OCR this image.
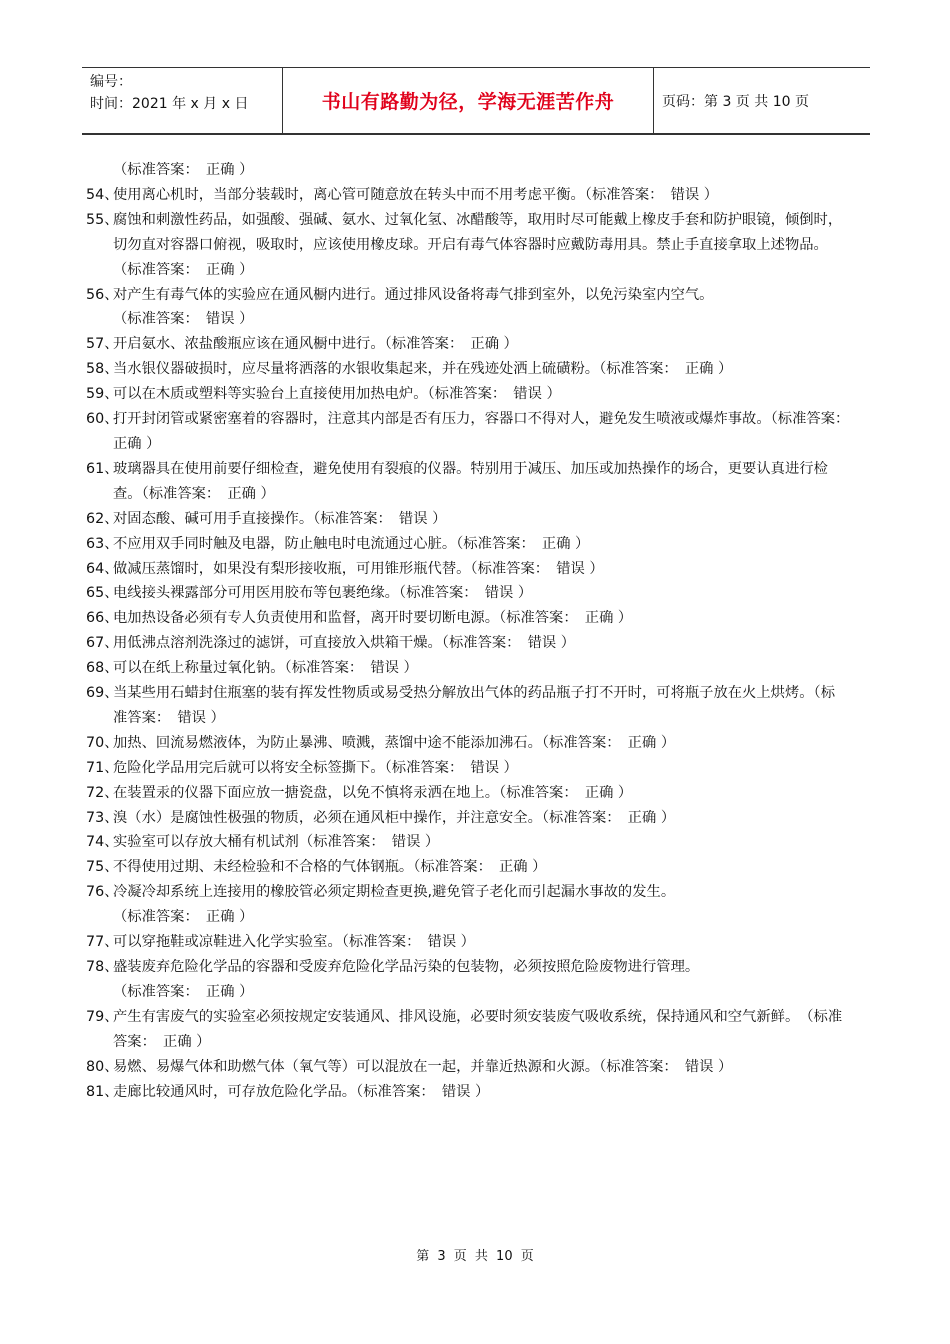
编号：
时间：2021 年 x 月 x 日	书山有路勤为径，学海无涯苦作舟	页码：第 3 页 共 10 页
（标准答案：　正确 ）
54、
使用离心机时，当部分装载时，离心管可随意放在转头中而不用考虑平衡。（标准答案：　错误 ）
55、
腐蚀和刺激性药品，如强酸、强碱、氨水、过氧化氢、冰醋酸等，取用时尽可能戴上橡皮手套和防护眼镜，倾倒时，切勿直对容器口俯视，吸取时，应该使用橡皮球。开启有毒气体容器时应戴防毒用具。禁止手直接拿取上述物品。
（标准答案：　正确 ）
56、
对产生有毒气体的实验应在通风橱内进行。通过排风设备将毒气排到室外，以免污染室内空气。
（标准答案：　错误 ）
57、
开启氨水、浓盐酸瓶应该在通风橱中进行。（标准答案：　正确 ）
58、
当水银仪器破损时，应尽量将洒落的水银收集起来，并在残迹处洒上硫磺粉。（标准答案：　正确 ）
59、
可以在木质或塑料等实验台上直接使用加热电炉。（标准答案：　错误 ）
60、
打开封闭管或紧密塞着的容器时，注意其内部是否有压力，容器口不得对人，避免发生喷液或爆炸事故。（标准答案：　正确 ）
61、
玻璃器具在使用前要仔细检查，避免使用有裂痕的仪器。特别用于减压、加压或加热操作的场合，更要认真进行检查。（标准答案：　正确 ）
62、
对固态酸、碱可用手直接操作。（标准答案：　错误 ）
63、
不应用双手同时触及电器，防止触电时电流通过心脏。（标准答案：　正确 ）
64、
做减压蒸馏时，如果没有梨形接收瓶，可用锥形瓶代替。（标准答案：　错误 ）
65、
电线接头裸露部分可用医用胶布等包裹绝缘。（标准答案：　错误 ）
66、
电加热设备必须有专人负责使用和监督，离开时要切断电源。（标准答案：　正确 ）
67、
用低沸点溶剂洗涤过的滤饼，可直接放入烘箱干燥。（标准答案：　错误 ）
68、
可以在纸上称量过氧化钠。（标准答案：　错误 ）
69、
当某些用石蜡封住瓶塞的装有挥发性物质或易受热分解放出气体的药品瓶子打不开时，可将瓶子放在火上烘烤。（标准答案：　错误 ）
70、
加热、回流易燃液体，为防止暴沸、喷溅，蒸馏中途不能添加沸石。（标准答案：　正确 ）
71、
危险化学品用完后就可以将安全标签撕下。（标准答案：　错误 ）
72、
在装置汞的仪器下面应放一搪瓷盘，以免不慎将汞洒在地上。（标准答案：　正确 ）
73、
溴（水）是腐蚀性极强的物质，必须在通风柜中操作，并注意安全。（标准答案：　正确 ）
74、
实验室可以存放大桶有机试剂（标准答案：　错误 ）
75、
不得使用过期、未经检验和不合格的气体钢瓶。（标准答案：　正确 ）
76、
冷凝冷却系统上连接用的橡胶管必须定期检查更换,避免管子老化而引起漏水事故的发生。
（标准答案：　正确 ）
77、
可以穿拖鞋或凉鞋进入化学实验室。（标准答案：　错误 ）
78、
盛装废弃危险化学品的容器和受废弃危险化学品污染的包装物，必须按照危险废物进行管理。
（标准答案：　正确 ）
79、
产生有害废气的实验室必须按规定安装通风、排风设施，必要时须安装废气吸收系统，保持通风和空气新鲜。　（标准答案：　正确 ）
80、
易燃、易爆气体和助燃气体（氧气等）可以混放在一起，并靠近热源和火源。（标准答案：　错误 ）
81、
走廊比较通风时，可存放危险化学品。（标准答案：　错误 ）
第 3 页 共 10 页
